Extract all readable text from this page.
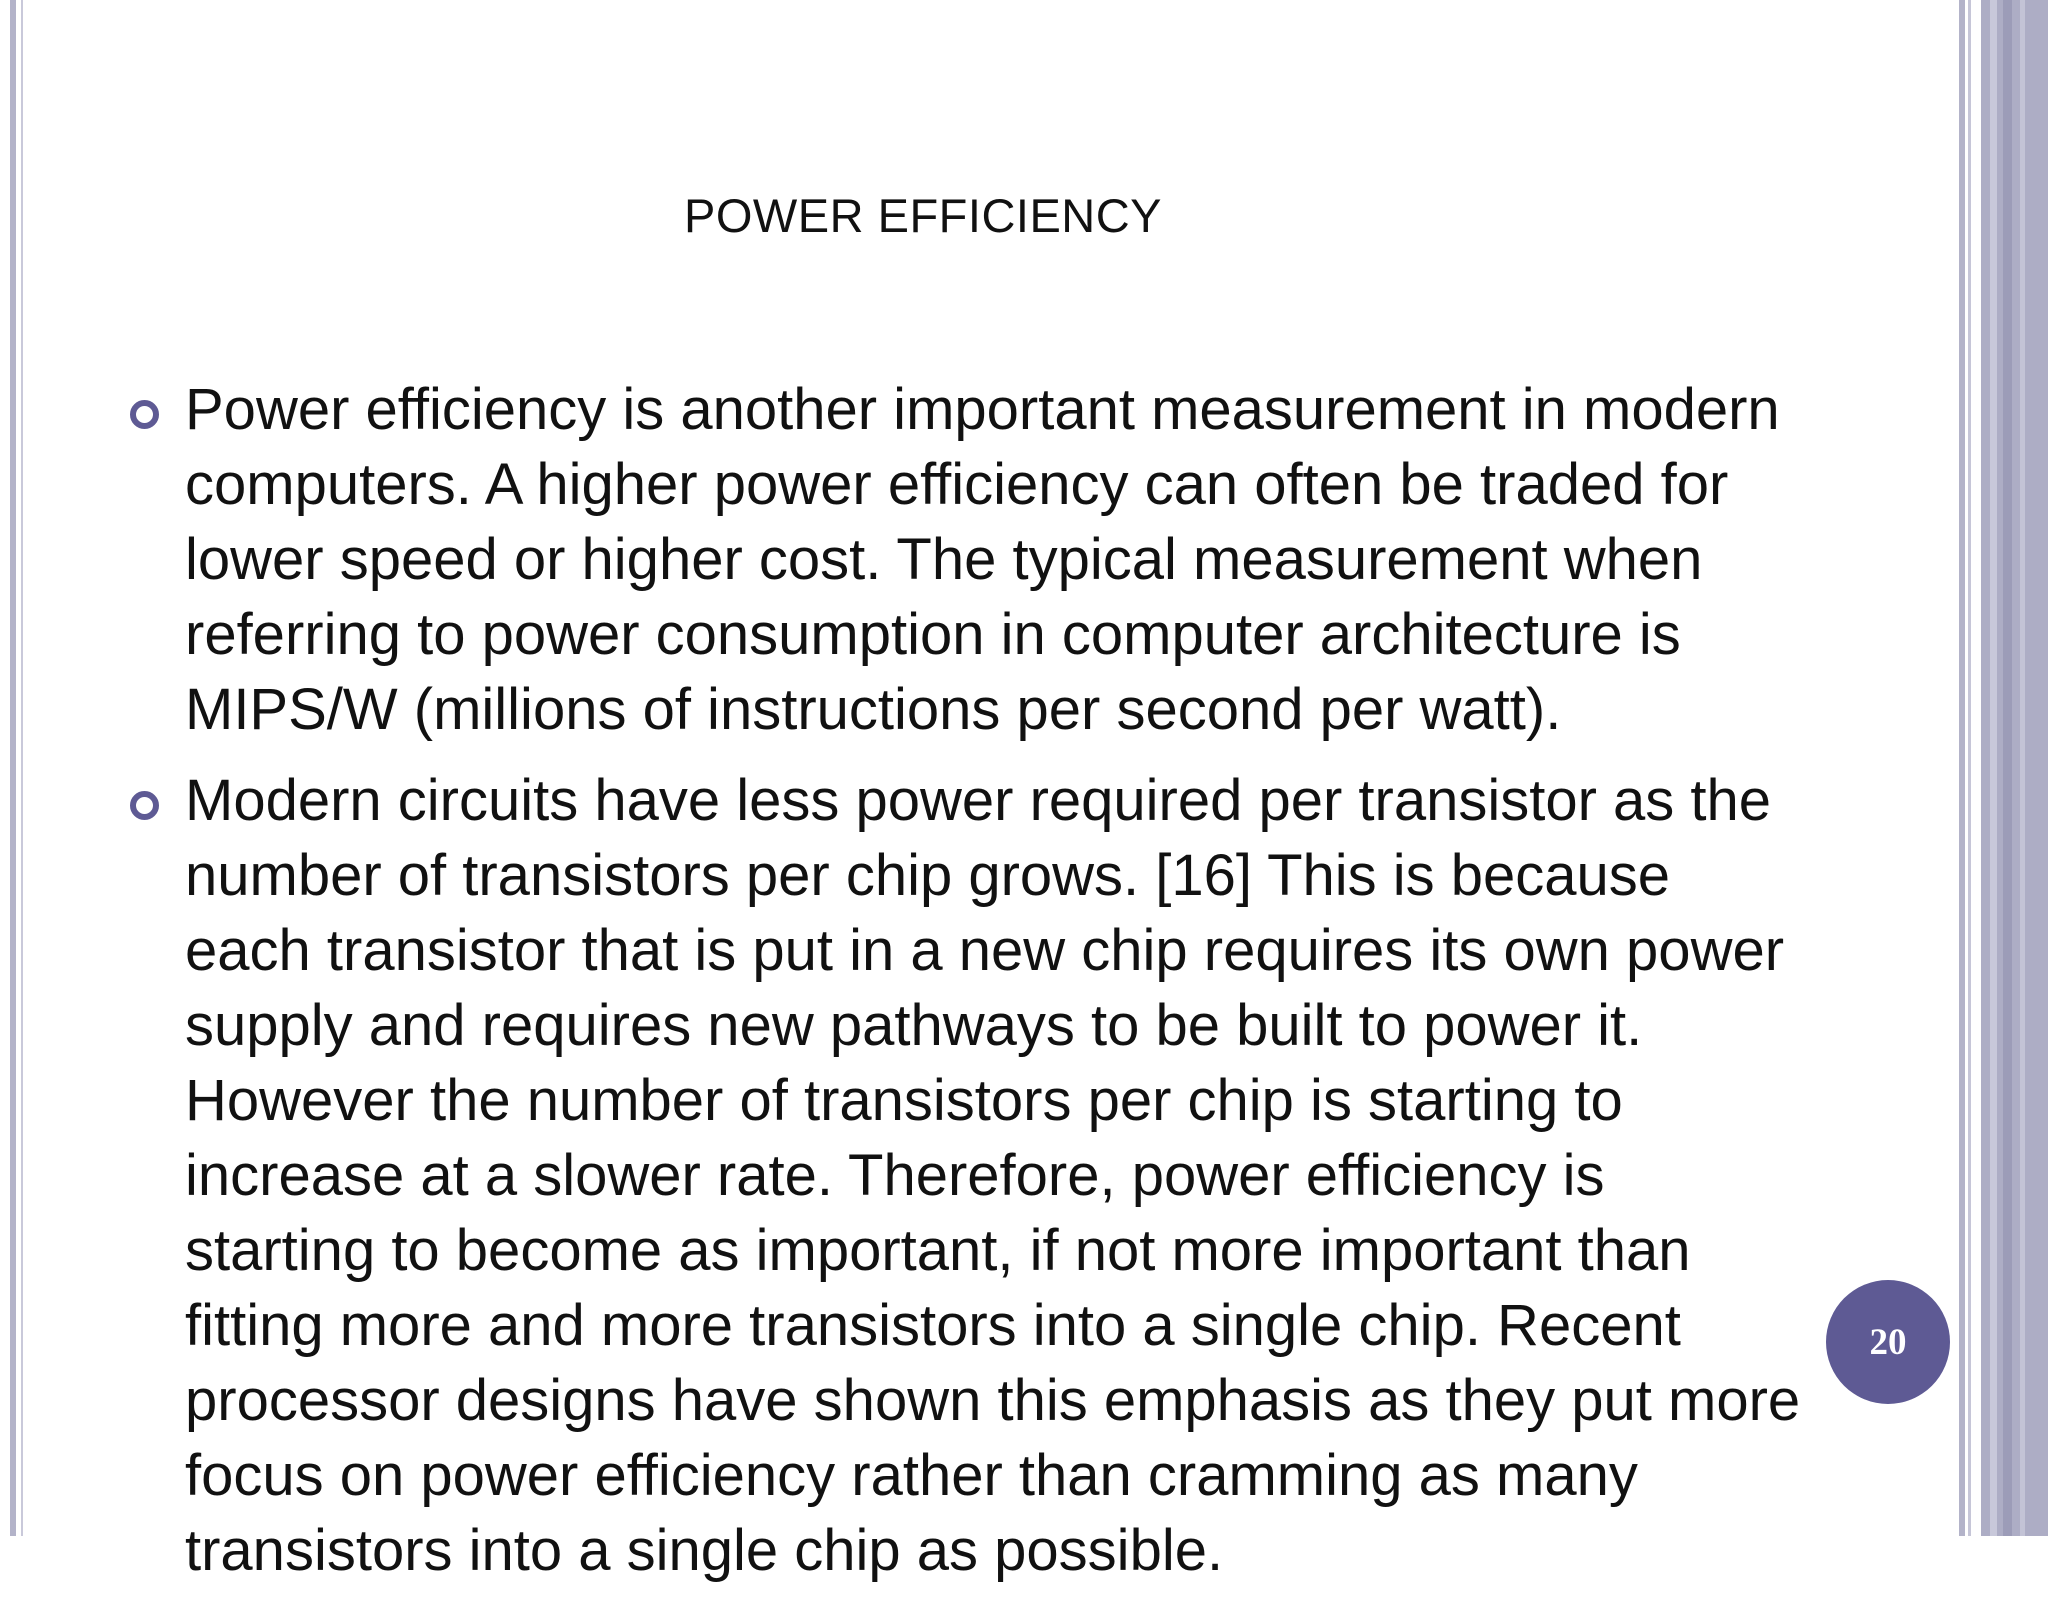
POWER EFFICIENCY
Power efficiency is another important measurement in modern
computers. A higher power efficiency can often be traded for
lower speed or higher cost. The typical measurement when
referring to power consumption in computer architecture is
MIPS/W (millions of instructions per second per watt).
Modern circuits have less power required per transistor as the
number of transistors per chip grows. [16] This is because
each transistor that is put in a new chip requires its own power
supply and requires new pathways to be built to power it.
However the number of transistors per chip is starting to
increase at a slower rate. Therefore, power efficiency is
starting to become as important, if not more important than
fitting more and more transistors into a single chip. Recent
processor designs have shown this emphasis as they put more
focus on power efficiency rather than cramming as many
transistors into a single chip as possible.
20
